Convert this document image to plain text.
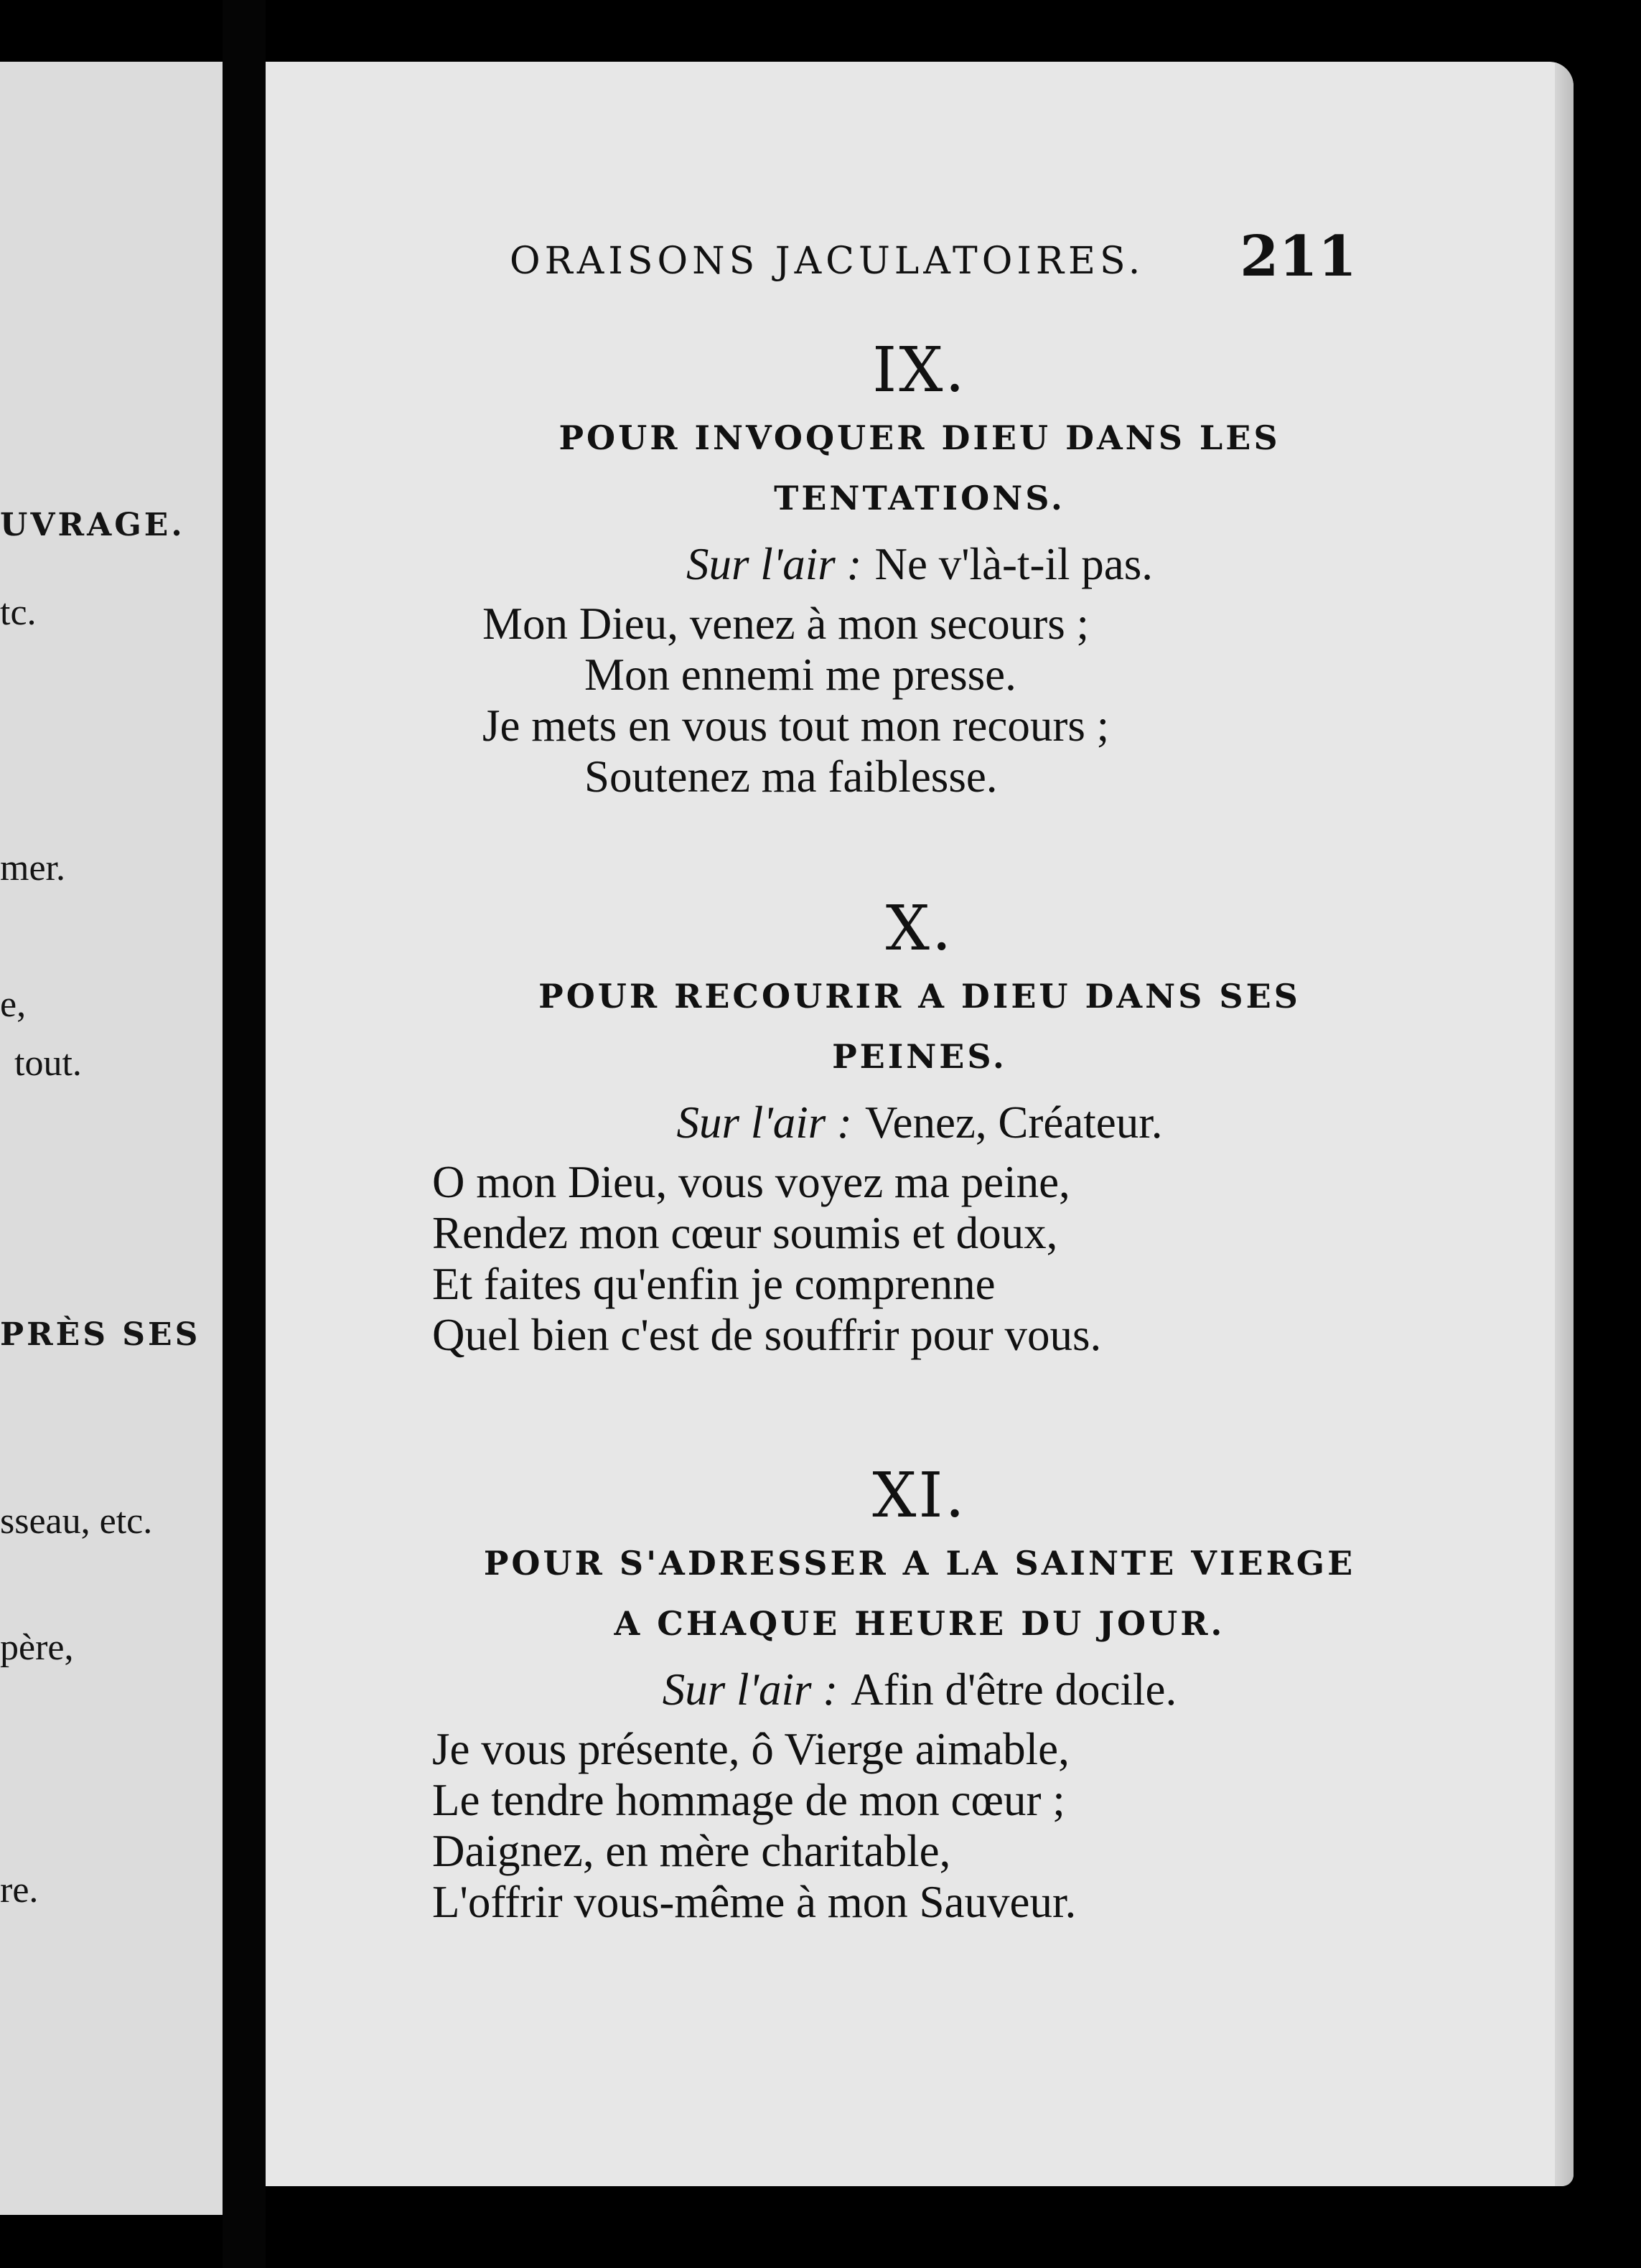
UVRAGE.
tc.
mer.
e,
tout.
PRÈS SES
sseau, etc.
père,
re.
ORAISONS JACULATOIRES. 211
IX.
POUR INVOQUER DIEU DANS LES
TENTATIONS.
Sur l'air : Ne v'là-t-il pas.
Mon Dieu, venez à mon secours ;
Mon ennemi me presse.
Je mets en vous tout mon recours ;
Soutenez ma faiblesse.
X.
POUR RECOURIR A DIEU DANS SES
PEINES.
Sur l'air : Venez, Créateur.
O mon Dieu, vous voyez ma peine,
Rendez mon cœur soumis et doux,
Et faites qu'enfin je comprenne
Quel bien c'est de souffrir pour vous.
XI.
POUR S'ADRESSER A LA SAINTE VIERGE
A CHAQUE HEURE DU JOUR.
Sur l'air : Afin d'être docile.
Je vous présente, ô Vierge aimable,
Le tendre hommage de mon cœur ;
Daignez, en mère charitable,
L'offrir vous-même à mon Sauveur.
